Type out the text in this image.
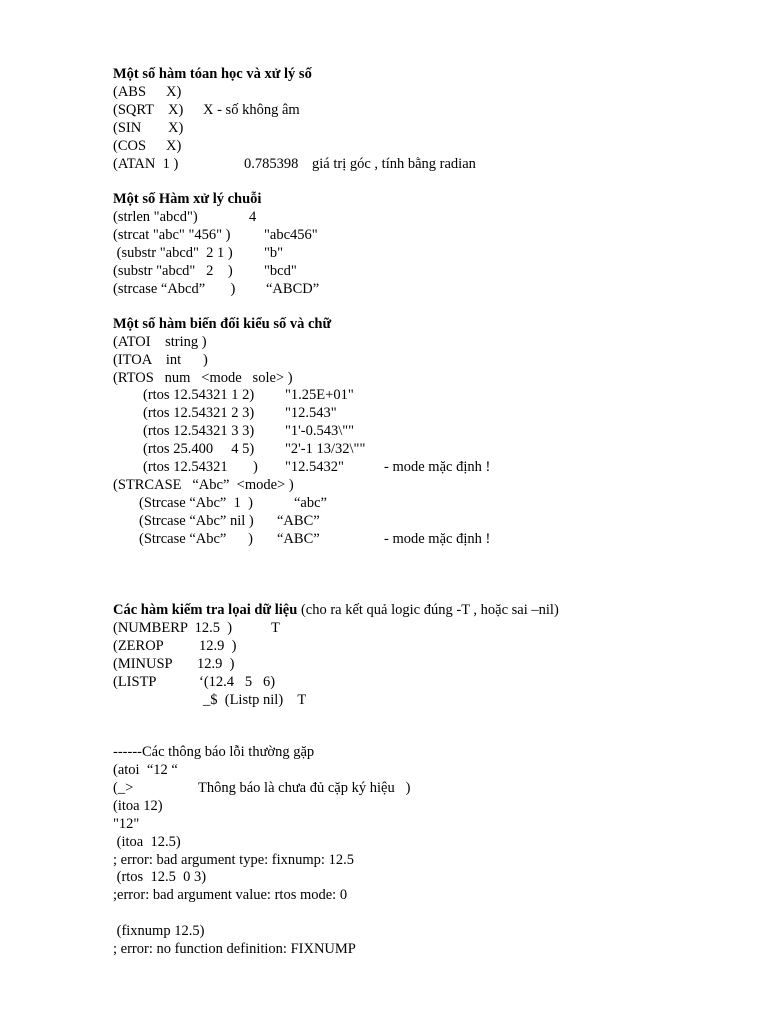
Một số hàm tóan học và xử lý số
(ABS X)
(SQRT X) X - số không âm
(SIN X)
(COS X)
(ATAN  1 )	0.785398 giá trị góc , tính bằng radian
Một số Hàm xử lý chuỗi
(strlen "abcd")	4
(strcat "abc" "456" ) "abc456"
(substr "abcd"  2 1 ) "b"
(substr "abcd"   2    ) "bcd"
(strcase “Abcd”       ) “ABCD”
Một số hàm biến đối kiểu số và chữ
(ATOI    string )
(ITOA    int      )
(RTOS   num   <mode   sole> )
(rtos 12.54321 1 2) "1.25E+01"
(rtos 12.54321 2 3) "12.543"
(rtos 12.54321 3 3) "1'-0.543\""
(rtos 25.400     4 5) "2'-1 13/32\""
(rtos 12.54321       ) "12.5432"	- mode mặc định !
(STRCASE   “Abc”  <mode> )
(Strcase “Abc”  1  )	“abc”
(Strcase “Abc” nil ) “ABC”
(Strcase “Abc”      ) “ABC”	- mode mặc định !
Các hàm kiếm tra lọai dữ liệu (cho ra kết quả logic đúng -T , hoặc sai –nil)
(NUMBERP  12.5  )	T
(ZEROP 12.9  )
(MINUSP 12.9  )
(LISTP	‘(12.4   5   6)
_$  (Listp nil)    T
------Các thông báo lỗi thường gặp
(atoi  “12 “
(_>	Thông báo là chưa đủ cặp ký hiệu   )
(itoa 12)
"12"
(itoa  12.5)
; error: bad argument type: fixnump: 12.5
(rtos  12.5  0 3)
;error: bad argument value: rtos mode: 0
(fixnump 12.5)
; error: no function definition: FIXNUMP
